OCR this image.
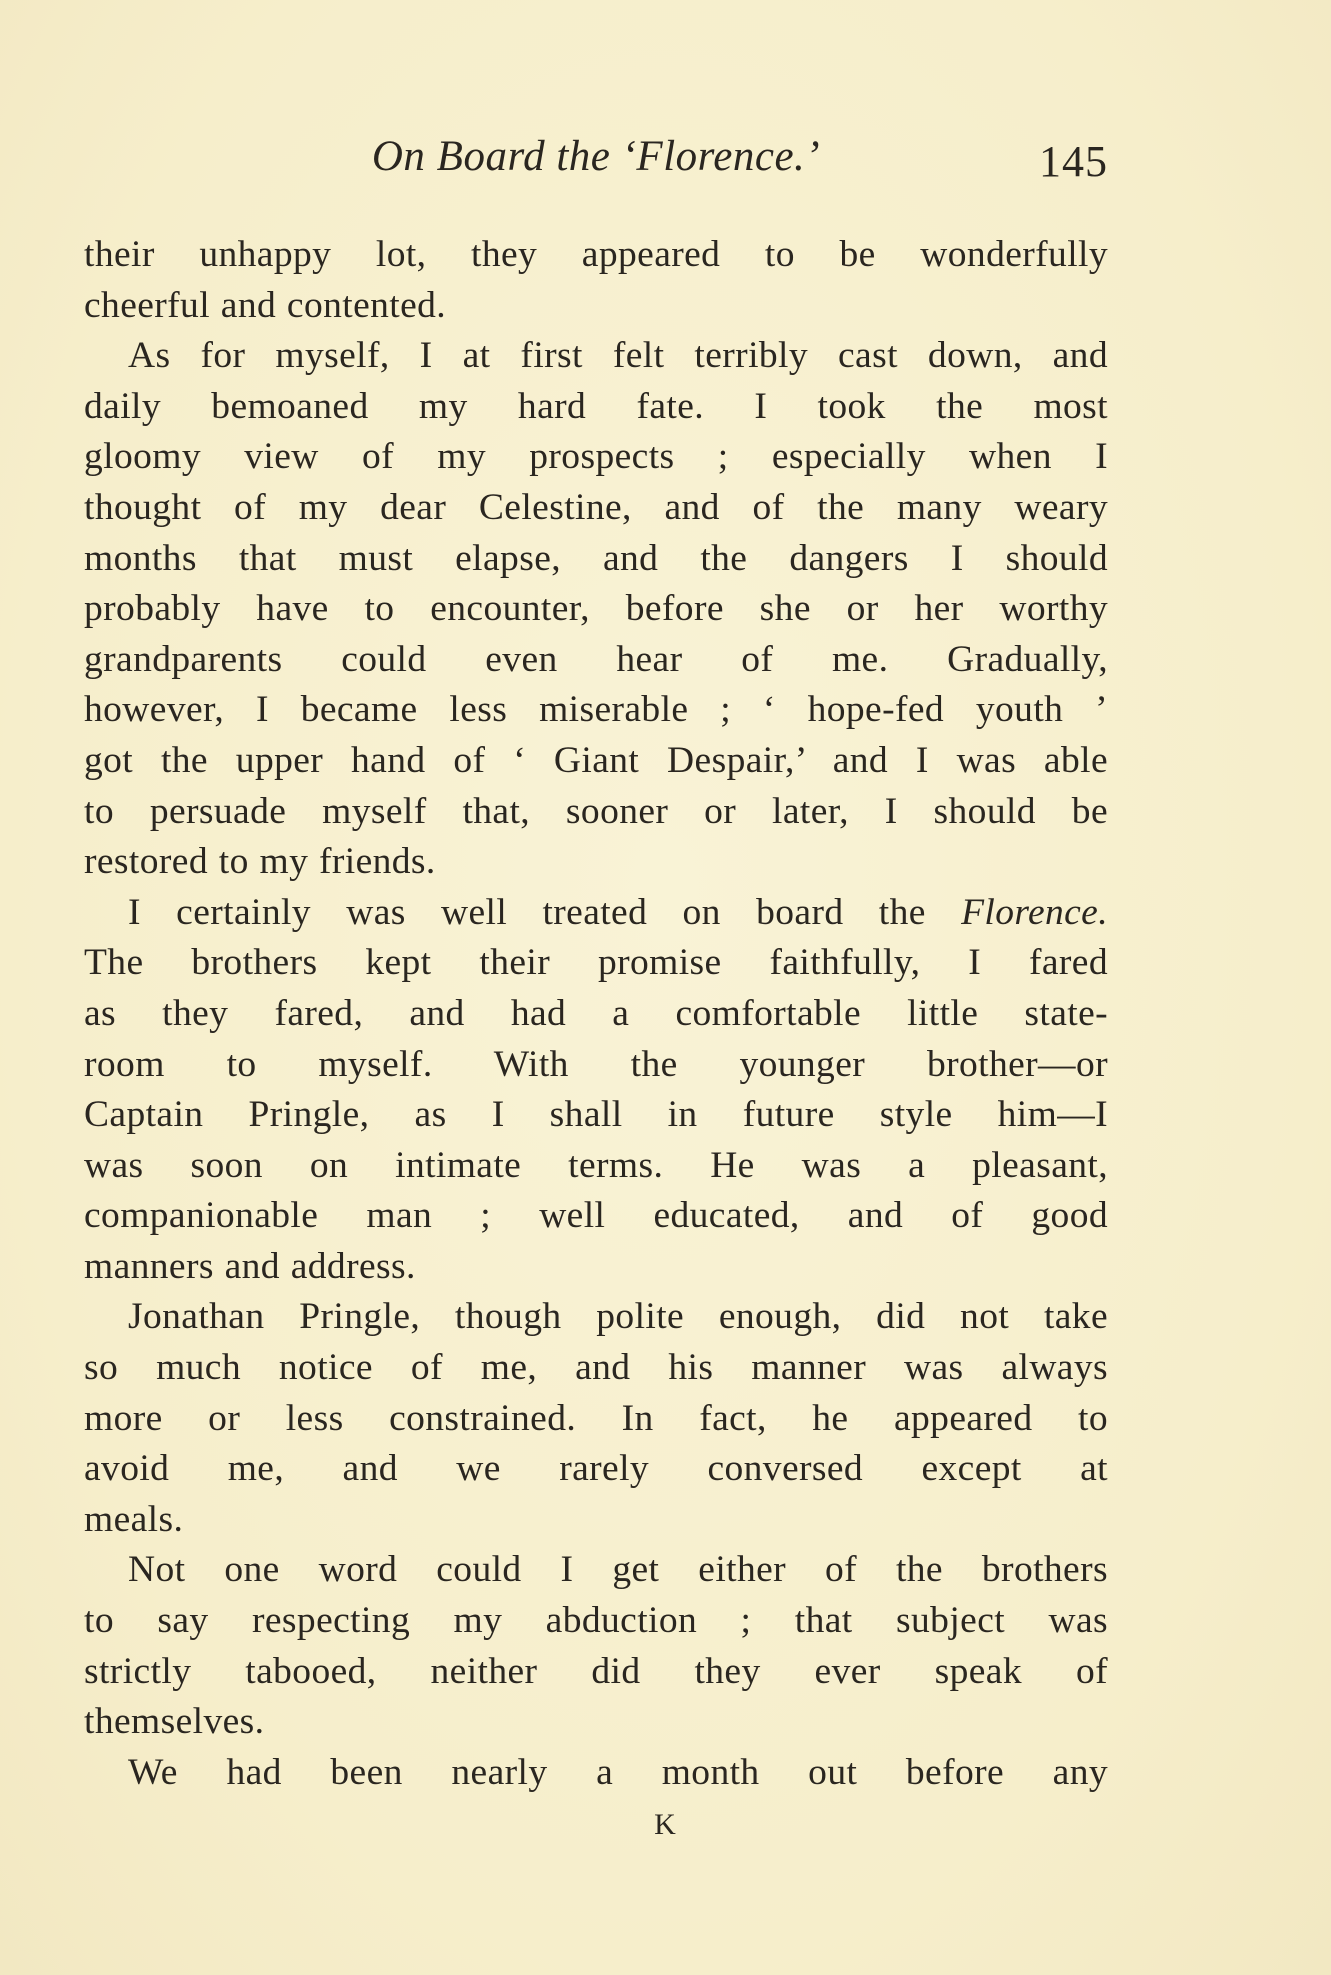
On Board the ‘Florence.’	145
their unhappy lot, they appeared to be wonderfully
cheerful and contented.
As for myself, I at first felt terribly cast down, and
daily bemoaned my hard fate. I took the most
gloomy view of my prospects ; especially when I
thought of my dear Celestine, and of the many weary
months that must elapse, and the dangers I should
probably have to encounter, before she or her worthy
grandparents could even hear of me. Gradually,
however, I became less miserable ; ‘ hope-fed youth ’
got the upper hand of ‘ Giant Despair,’ and I was able
to persuade myself that, sooner or later, I should be
restored to my friends.
I certainly was well treated on board the Florence.
The brothers kept their promise faithfully, I fared
as they fared, and had a comfortable little state-
room to myself. With the younger brother—or
Captain Pringle, as I shall in future style him—I
was soon on intimate terms. He was a pleasant,
companionable man ; well educated, and of good
manners and address.
Jonathan Pringle, though polite enough, did not take
so much notice of me, and his manner was always
more or less constrained. In fact, he appeared to
avoid me, and we rarely conversed except at
meals.
Not one word could I get either of the brothers
to say respecting my abduction ; that subject was
strictly tabooed, neither did they ever speak of
themselves.
We had been nearly a month out before any
K
